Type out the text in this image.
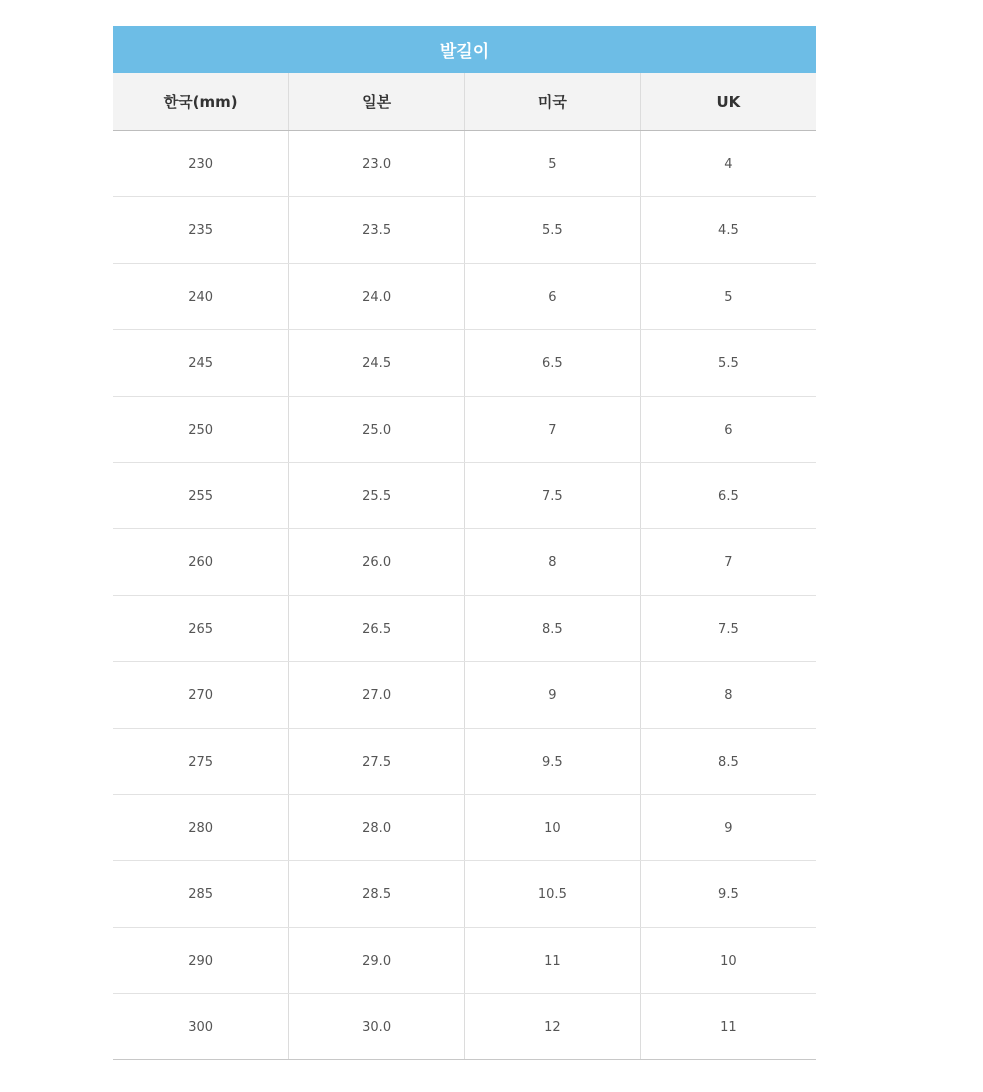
발길이			
한국(mm)	일본	미국	UK
230	23.0	5	4
235	23.5	5.5	4.5
240	24.0	6	5
245	24.5	6.5	5.5
250	25.0	7	6
255	25.5	7.5	6.5
260	26.0	8	7
265	26.5	8.5	7.5
270	27.0	9	8
275	27.5	9.5	8.5
280	28.0	10	9
285	28.5	10.5	9.5
290	29.0	11	10
300	30.0	12	11
